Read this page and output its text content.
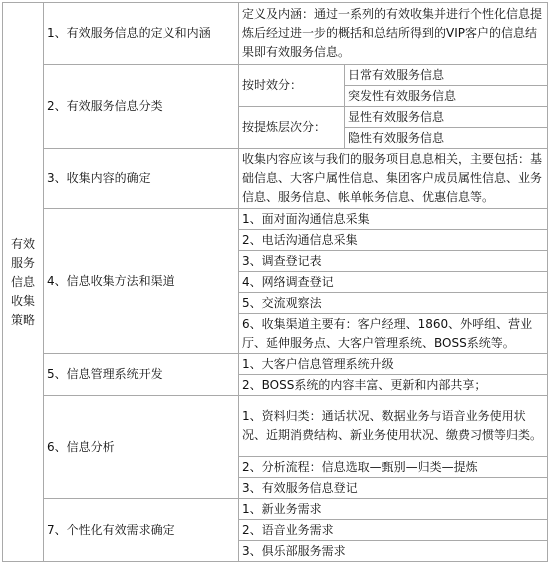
有效服务信息收集策略	1、有效服务信息的定义和内涵	定义及内涵：通过一系列的有效收集并进行个性化信息提炼后经过进一步的概括和总结所得到的VIP客户的信息结果即有效服务信息。	
	2、有效服务信息分类	按时效分：	日常有效服务信息
			突发性有效服务信息
		按提炼层次分：	显性有效服务信息
			隐性有效服务信息
	3、收集内容的确定	收集内容应该与我们的服务项目息息相关，主要包括：基础信息、大客户属性信息、集团客户成员属性信息、业务信息、服务信息、帐单帐务信息、优惠信息等。	
	4、信息收集方法和渠道	1、面对面沟通信息采集	
		2、电话沟通信息采集	
		3、调查登记表	
		4、网络调查登记	
		5、交流观察法	
		6、收集渠道主要有：客户经理、1860、外呼组、营业厅、延伸服务点、大客户管理系统、BOSS系统等。	
	5、信息管理系统开发	1、大客户信息管理系统升级	
		2、BOSS系统的内容丰富、更新和内部共享；	
	6、信息分析	1、资料归类：通话状况、数据业务与语音业务使用状况、近期消费结构、新业务使用状况、缴费习惯等归类。	
		2、分析流程：信息选取—甄别—归类—提炼	
		3、有效服务信息登记	
	7、个性化有效需求确定	1、新业务需求	
		2、语音业务需求	
		3、俱乐部服务需求	
